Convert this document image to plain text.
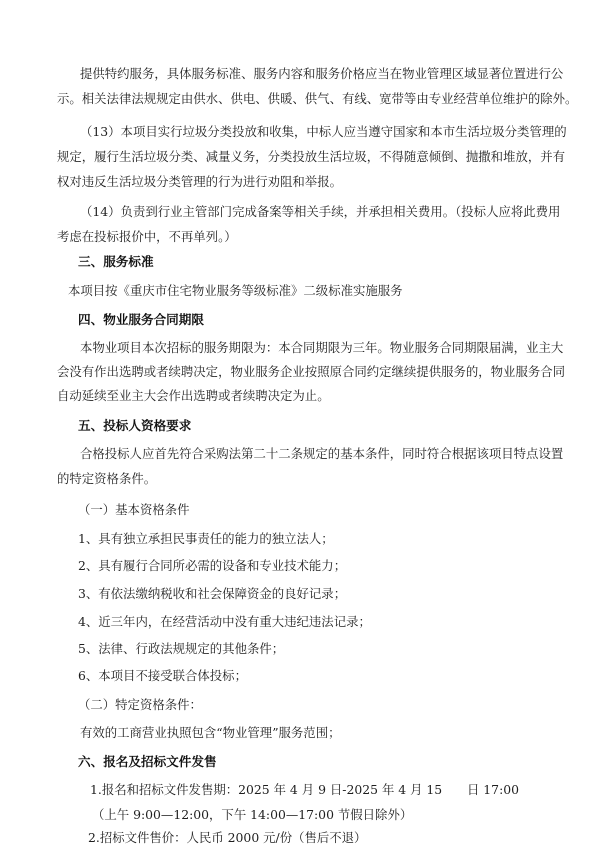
提供特约服务，具体服务标准、服务内容和服务价格应当在物业管理区域显著位置进行公
示。相关法律法规规定由供水、供电、供暖、供气、有线、宽带等由专业经营单位维护的除外。
（13）本项目实行垃圾分类投放和收集，中标人应当遵守国家和本市生活垃圾分类管理的
规定，履行生活垃圾分类、减量义务，分类投放生活垃圾，不得随意倾倒、抛撒和堆放，并有
权对违反生活垃圾分类管理的行为进行劝阻和举报。
（14）负责到行业主管部门完成备案等相关手续，并承担相关费用。（投标人应将此费用
考虑在投标报价中，不再单列。）
三、服务标准
本项目按《重庆市住宅物业服务等级标准》二级标准实施服务
四、物业服务合同期限
本物业项目本次招标的服务期限为：本合同期限为三年。物业服务合同期限届满，业主大
会没有作出选聘或者续聘决定，物业服务企业按照原合同约定继续提供服务的，物业服务合同
自动延续至业主大会作出选聘或者续聘决定为止。
五、投标人资格要求
合格投标人应首先符合采购法第二十二条规定的基本条件，同时符合根据该项目特点设置
的特定资格条件。
（一）基本资格条件
1、具有独立承担民事责任的能力的独立法人；
2、具有履行合同所必需的设备和专业技术能力；
3、有依法缴纳税收和社会保障资金的良好记录；
4、近三年内，在经营活动中没有重大违纪违法记录；
5、法律、行政法规规定的其他条件；
6、本项目不接受联合体投标；
（二）特定资格条件：
有效的工商营业执照包含“物业管理”服务范围；
六、报名及招标文件发售
1.报名和招标文件发售期：2025 年 4 月 9 日-2025 年 4 月 15　　日 17:00
（上午 9:00—12:00，下午 14:00—17:00 节假日除外）
2.招标文件售价：人民币 2000 元/份（售后不退）
